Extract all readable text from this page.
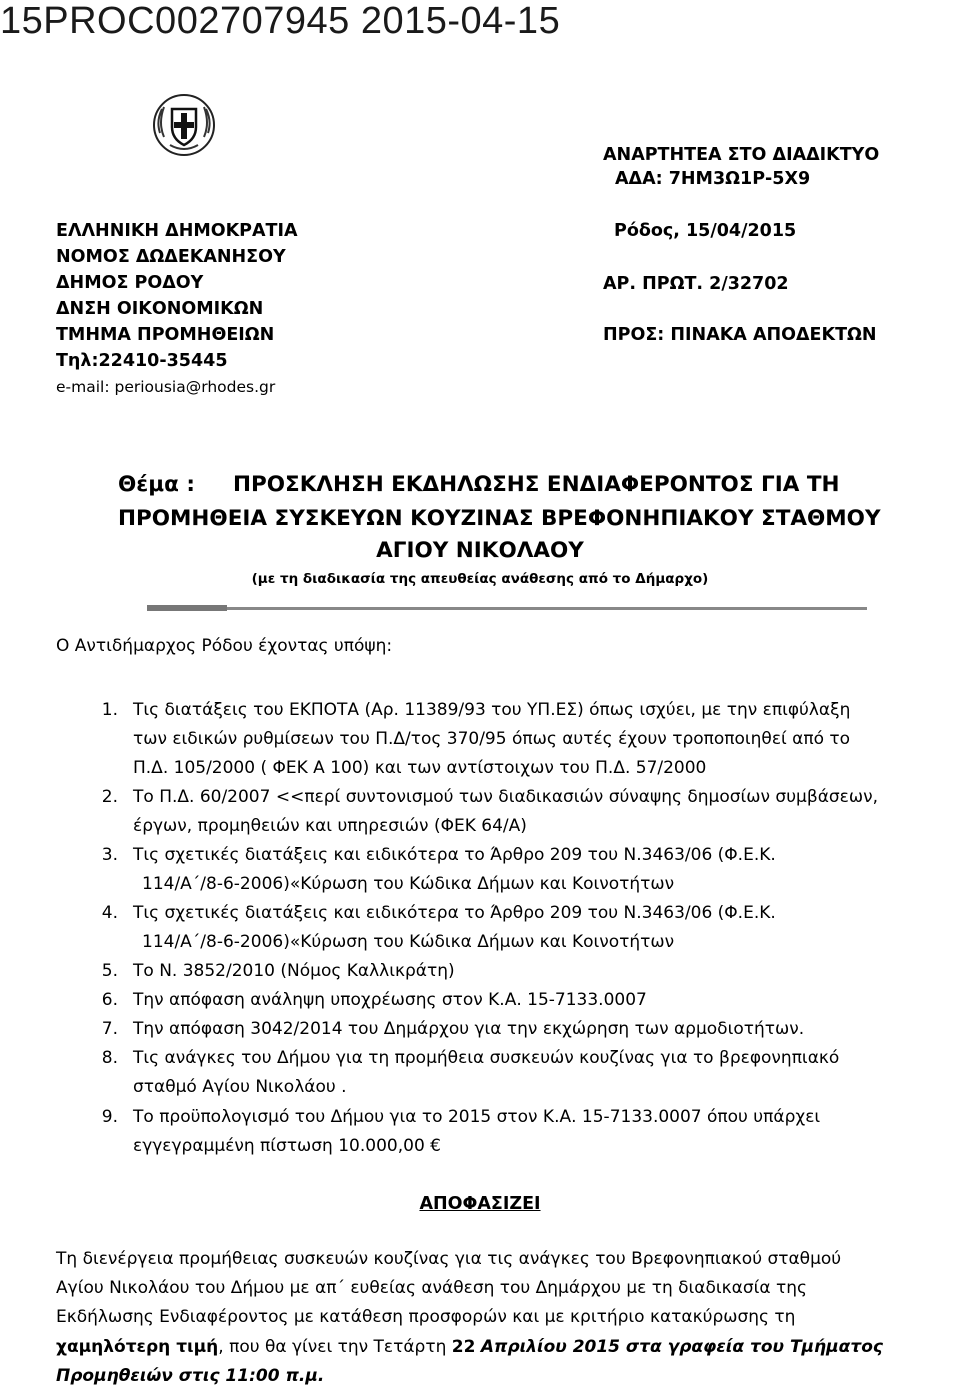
15PROC002707945 2015-04-15
ΑΝΑΡΤΗΤΕΑ ΣΤΟ ΔΙΑΔΙΚΤΥΟ
ΑΔΑ: 7ΗΜ3Ω1Ρ-5Χ9
Ρόδος, 15/04/2015
ΑΡ. ΠΡΩΤ. 2/32702
ΠΡΟΣ: ΠΙΝΑΚΑ ΑΠΟΔΕΚΤΩΝ
ΕΛΛΗΝΙΚΗ ΔΗΜΟΚΡΑΤΙΑ
ΝΟΜΟΣ ΔΩΔΕΚΑΝΗΣΟΥ
ΔΗΜΟΣ ΡΟΔΟΥ
ΔΝΣΗ ΟΙΚΟΝΟΜΙΚΩΝ
ΤΜΗΜΑ ΠΡΟΜΗΘΕΙΩΝ
Τηλ:22410-35445
e-mail: periousia@rhodes.gr
Θέμα : ΠΡΟΣΚΛΗΣΗ ΕΚΔΗΛΩΣΗΣ ΕΝΔΙΑΦΕΡΟΝΤΟΣ ΓΙΑ ΤΗ
ΠΡΟΜΗΘΕΙΑ ΣΥΣΚΕΥΩΝ ΚΟΥΖΙΝΑΣ ΒΡΕΦΟΝΗΠΙΑΚΟΥ ΣΤΑΘΜΟΥ
ΑΓΙΟΥ ΝΙΚΟΛΑΟΥ
(με τη διαδικασία της απευθείας ανάθεσης από το Δήμαρχο)
Ο Αντιδήμαρχος Ρόδου έχοντας υπόψη:
1. Τις διατάξεις του ΕΚΠΟΤΑ (Αρ. 11389/93 του ΥΠ.ΕΣ) όπως ισχύει, με την επιφύλαξη
των ειδικών ρυθμίσεων του Π.Δ/τος 370/95 όπως αυτές έχουν τροποποιηθεί από το
Π.Δ. 105/2000 ( ΦΕΚ Α 100) και των αντίστοιχων του Π.Δ. 57/2000
2. Το Π.Δ. 60/2007 <<περί συντονισμού των διαδικασιών σύναψης δημοσίων συμβάσεων,
έργων, προμηθειών και υπηρεσιών (ΦΕΚ 64/Α)
3. Τις σχετικές διατάξεις και ειδικότερα το Άρθρο 209 του Ν.3463/06 (Φ.Ε.Κ.
114/Α΄/8-6-2006)«Κύρωση του Κώδικα Δήμων και Κοινοτήτων
4. Τις σχετικές διατάξεις και ειδικότερα το Άρθρο 209 του Ν.3463/06 (Φ.Ε.Κ.
114/Α΄/8-6-2006)«Κύρωση του Κώδικα Δήμων και Κοινοτήτων
5. Το Ν. 3852/2010 (Νόμος Καλλικράτη)
6. Την απόφαση ανάληψη υποχρέωσης στον Κ.Α. 15-7133.0007
7. Την απόφαση 3042/2014 του Δημάρχου για την εκχώρηση των αρμοδιοτήτων.
8. Τις ανάγκες του Δήμου για τη προμήθεια συσκευών κουζίνας για το βρεφονηπιακό
σταθμό Αγίου Νικολάου .
9. Το προϋπολογισμό του Δήμου για το 2015 στον Κ.Α. 15-7133.0007 όπου υπάρχει
εγγεγραμμένη πίστωση 10.000,00 €
ΑΠΟΦΑΣΙΖΕΙ
Τη διενέργεια προμήθειας συσκευών κουζίνας για τις ανάγκες του Βρεφονηπιακού σταθμού
Αγίου Νικολάου του Δήμου με απ΄ ευθείας ανάθεση του Δημάρχου με τη διαδικασία της
Εκδήλωσης Ενδιαφέροντος με κατάθεση προσφορών και με κριτήριο κατακύρωσης τη
χαμηλότερη τιμή, που θα γίνει την Τετάρτη 22 Απριλίου 2015 στα γραφεία του Τμήματος
Προμηθειών στις 11:00 π.μ.
